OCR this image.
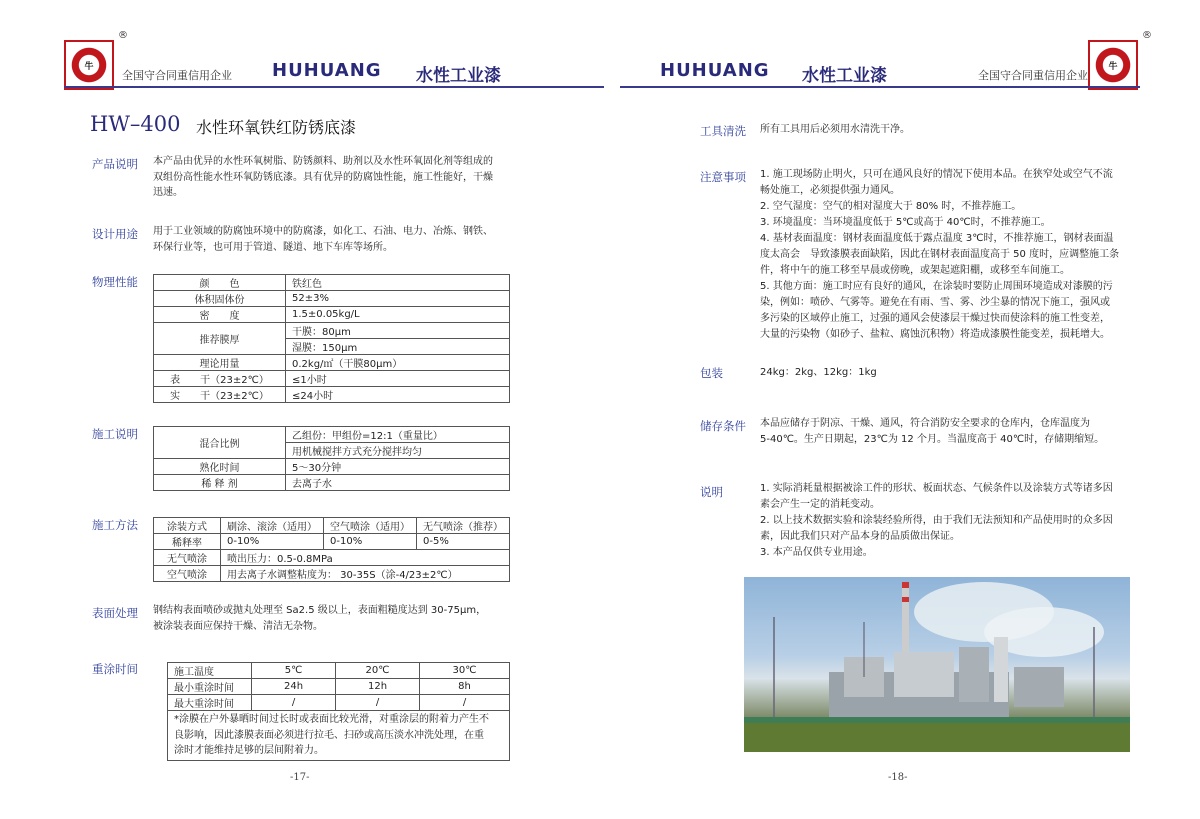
牛
®
全国守合同重信用企业 HUHUANG 水性工业漆	HUHUANG 水性工业漆	全国守合同重信用企业
牛
®
HW–400 水性环氧铁红防锈底漆
产品说明 本产品由优异的水性环氧树脂、防锈颜料、助剂以及水性环氧固化剂等组成的
双组份高性能水性环氧防锈底漆。具有优异的防腐蚀性能，施工性能好，干燥
迅速。
设计用途 用于工业领域的防腐蚀环境中的防腐漆，如化工、石油、电力、冶炼、钢铁、
环保行业等，也可用于管道、隧道、地下车库等场所。
物理性能	颜　　色	铁红色
体积固体份	52±3%
密　　度	1.5±0.05kg/L
推荐膜厚	干膜：80μm
	湿膜：150μm
理论用量	0.2kg/㎡（干膜80μm）
表　　干（23±2℃）	≤1小时
实　　干（23±2℃）	≤24小时
施工说明
混合比例	乙组份：甲组份=12:1（重量比）
	用机械搅拌方式充分搅拌均匀
熟化时间	5～30分钟
稀 释 剂	去离子水
施工方法	涂装方式	刷涂、滚涂（适用）	空气喷涂（适用）	无气喷涂（推荐）
稀释率	0-10%	0-10%	0-5%
无气喷涂	喷出压力：0.5-0.8MPa		
空气喷涂	用去离子水调整粘度为： 30-35S（涂-4/23±2℃）		
表面处理 钢结构表面喷砂或抛丸处理至 Sa2.5 级以上，表面粗糙度达到 30-75μm，
被涂装表面应保持干燥、清洁无杂物。
重涂时间	施工温度	5℃	20℃	30℃
最小重涂时间	24h	12h	8h
最大重涂时间	/	/	/

*涂膜在户外暴晒时间过长时或表面比较光滑，对重涂层的附着力产生不
良影响，因此漆膜表面必须进行拉毛、扫砂或高压淡水冲洗处理，在重
涂时才能维持足够的层间附着力。			
-17-
工具清洗 所有工具用后必须用水清洗干净。
注意事项 1. 施工现场防止明火，只可在通风良好的情况下使用本品。在狭窄处或空气不流
畅处施工，必须提供强力通风。
2. 空气湿度：空气的相对湿度大于 80% 时，不推荐施工。
3. 环境温度：当环境温度低于 5℃或高于 40℃时，不推荐施工。
4. 基材表面温度：钢材表面温度低于露点温度 3℃时，不推荐施工，钢材表面温
度太高会　导致漆膜表面缺陷，因此在钢材表面温度高于 50 度时，应调整施工条
件，将中午的施工移至早晨或傍晚，或架起遮阳棚，或移至车间施工。
5. 其他方面：施工时应有良好的通风，在涂装时要防止周围环境造成对漆膜的污
染，例如：喷砂、气雾等。避免在有雨、雪、雾、沙尘暴的情况下施工，强风或
多污染的区域停止施工，过强的通风会使漆层干燥过快而使涂料的施工性变差，
大量的污染物（如砂子、盐粒、腐蚀沉积物）将造成漆膜性能变差，损耗增大。
包装	24kg：2kg、12kg：1kg
储存条件 本品应储存于阴凉、干燥、通风，符合消防安全要求的仓库内，仓库温度为
5-40℃。生产日期起，23℃为 12 个月。当温度高于 40℃时，存储期缩短。
说明	1. 实际消耗量根据被涂工件的形状、板面状态、气候条件以及涂装方式等诸多因
素会产生一定的消耗变动。
2. 以上技术数据实验和涂装经验所得，由于我们无法预知和产品使用时的众多因
素，因此我们只对产品本身的品质做出保证。
3. 本产品仅供专业用途。
-18-
